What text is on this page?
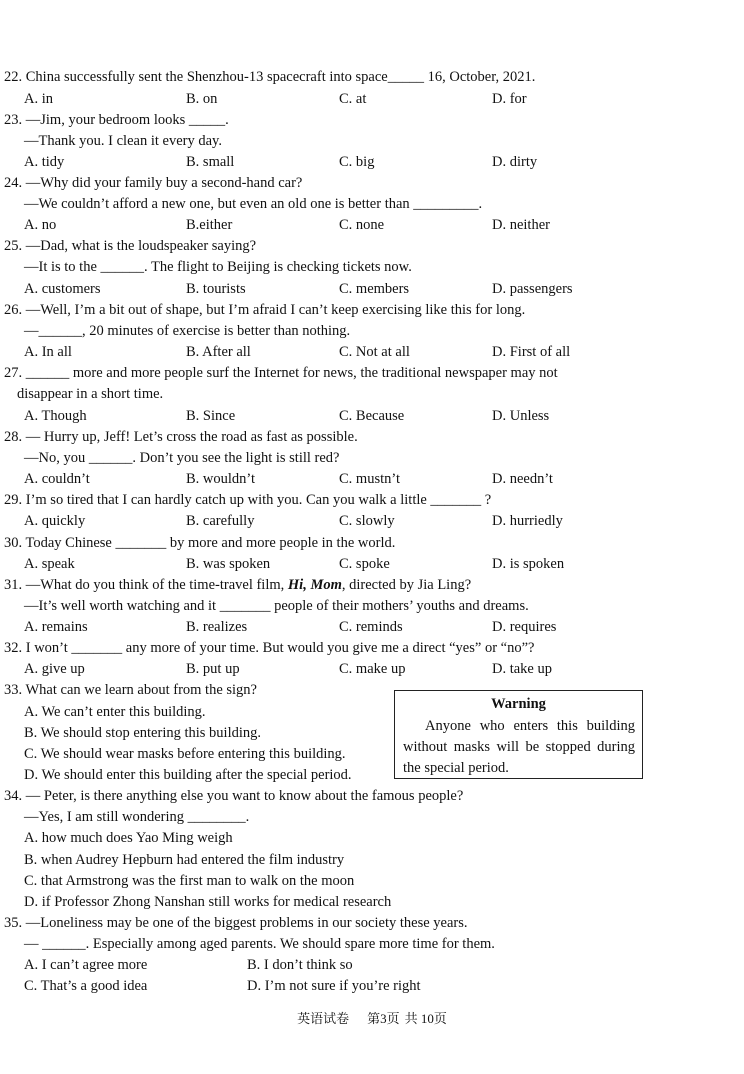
22. China successfully sent the Shenzhou-13 spacecraft into space_____ 16, October, 2021.
A. in	B. on	C. at	D. for
23. —Jim, your bedroom looks _____.
—Thank you. I clean it every day.
A. tidy	B. small	C. big	D. dirty
24. —Why did your family buy a second-hand car?
—We couldn’t afford a new one, but even an old one is better than _________.
A. no	B.either	C. none	D. neither
25. —Dad, what is the loudspeaker saying?
—It is to the ______. The flight to Beijing is checking tickets now.
A. customers	B. tourists	C. members	D. passengers
26. —Well, I’m a bit out of shape, but I’m afraid I can’t keep exercising like this for long.
—______, 20 minutes of exercise is better than nothing.
A. In all	B. After all	C. Not at all	D. First of all
27. ______ more and more people surf the Internet for news, the traditional newspaper may not
disappear in a short time.
A. Though	B. Since	C. Because	D. Unless
28. — Hurry up, Jeff! Let’s cross the road as fast as possible.
—No, you ______. Don’t you see the light is still red?
A. couldn’t	B. wouldn’t	C. mustn’t	D. needn’t
29. I’m so tired that I can hardly catch up with you. Can you walk a little _______ ?
A. quickly	B. carefully	C. slowly	D. hurriedly
30. Today Chinese _______ by more and more people in the world.
A. speak	B. was spoken	C. spoke	D. is spoken
31. —What do you think of the time-travel film, Hi, Mom, directed by Jia Ling?
—It’s well worth watching and it _______ people of their mothers’ youths and dreams.
A. remains	B. realizes	C. reminds	D. requires
32. I won’t _______ any more of your time. But would you give me a direct “yes” or “no”?
A. give up	B. put up	C. make up	D. take up
33. What can we learn about from the sign?
A. We can’t enter this building.
B. We should stop entering this building.
C. We should wear masks before entering this building.
D. We should enter this building after the special period.
Warning
Anyone who enters this building without masks will be stopped during the special period.
34. — Peter, is there anything else you want to know about the famous people?
—Yes, I am still wondering ________.
A. how much does Yao Ming weigh
B. when Audrey Hepburn had entered the film industry
C. that Armstrong was the first man to walk on the moon
D. if Professor Zhong Nanshan still works for medical research
35. —Loneliness may be one of the biggest problems in our society these years.
— ______. Especially among aged parents. We should spare more time for them.
A. I can’t agree more	B. I don’t think so
C. That’s a good idea	D. I’m not sure if you’re right
英语试卷 第3页 共 10页
